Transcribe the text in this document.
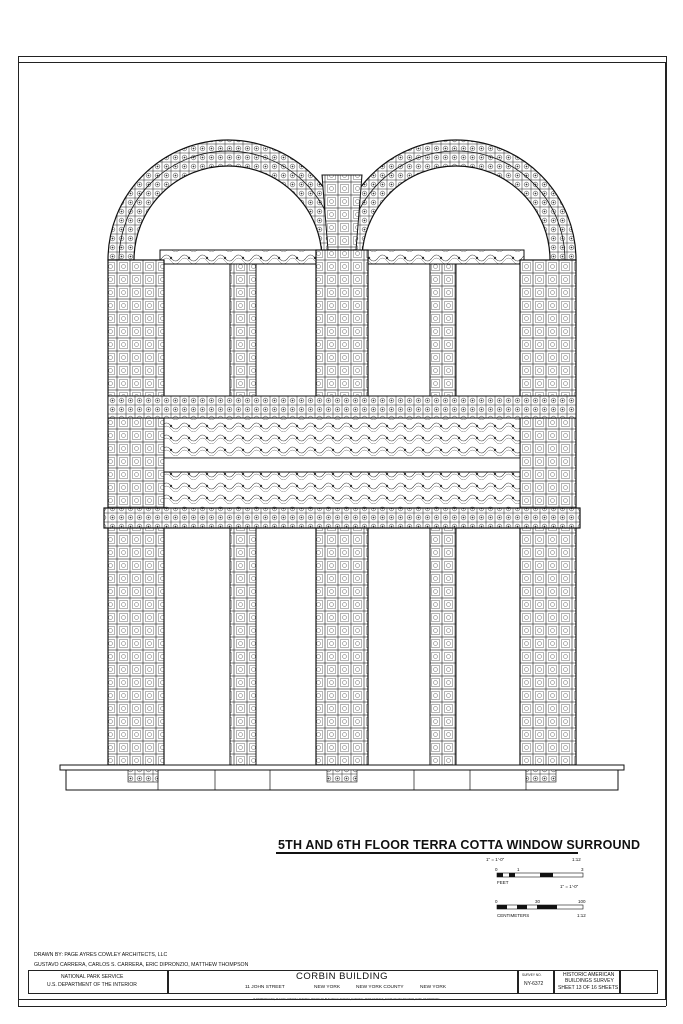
5TH AND 6TH FLOOR TERRA COTTA WINDOW SURROUND
1" = 1'-0"	1:12
0	1	3
FEET
1" = 1'-0"
0	30	100
CENTIMETERS	1:12
DRAWN BY: PAGE AYRES COWLEY ARCHITECTS, LLC
GUSTAVO CARRERA, CARLOS S. CARRERA, ERIC DIPRONZIO, MATTHEW THOMPSON
NATIONAL PARK SERVICE
U.S. DEPARTMENT OF THE INTERIOR
CORBIN BUILDING
11 JOHN STREET	NEW YORK	NEW YORK COUNTY	NEW YORK
IF REPRODUCED, PLEASE CREDIT: HISTORIC AMERICAN BUILDINGS SURVEY, NATIONAL PARK SERVICE, NAME OF DELINEATOR, DATE OF DRAWING
SURVEY NO.
NY-6372
HISTORIC AMERICAN
BUILDINGS SURVEY
SHEET 13 OF 16 SHEETS
